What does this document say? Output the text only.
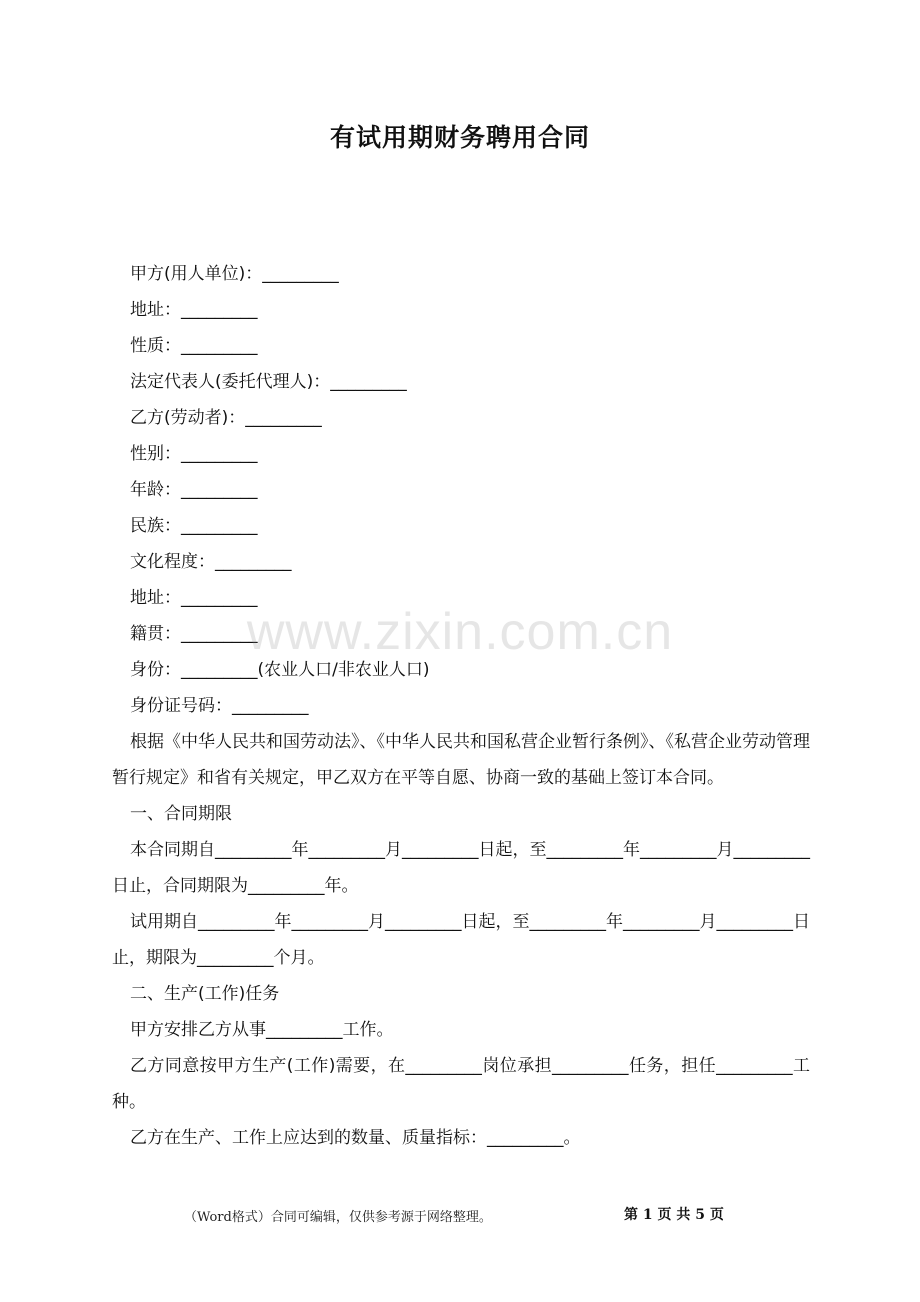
有试用期财务聘用合同
甲方(用人单位)：_________
地址：_________
性质：_________
法定代表人(委托代理人)：_________
乙方(劳动者)：_________
性别：_________
年龄：_________
民族：_________
文化程度：_________
地址：_________
籍贯：_________
身份：_________(农业人口/非农业人口)
身份证号码：_________
根据《中华人民共和国劳动法》、《中华人民共和国私营企业暂行条例》、《私营企业劳动管理暂行规定》和省有关规定，甲乙双方在平等自愿、协商一致的基础上签订本合同。
一、合同期限
本合同期自_________年_________月_________日起，至_________年_________月_________日止，合同期限为_________年。
试用期自_________年_________月_________日起，至_________年_________月_________日止，期限为_________个月。
二、生产(工作)任务
甲方安排乙方从事_________工作。
乙方同意按甲方生产(工作)需要，在_________岗位承担_________任务，担任_________工种。
乙方在生产、工作上应达到的数量、质量指标：_________。
www.zixin.com.cn
（Word格式）合同可编辑，仅供参考源于网络整理。	第 1 页 共 5 页
